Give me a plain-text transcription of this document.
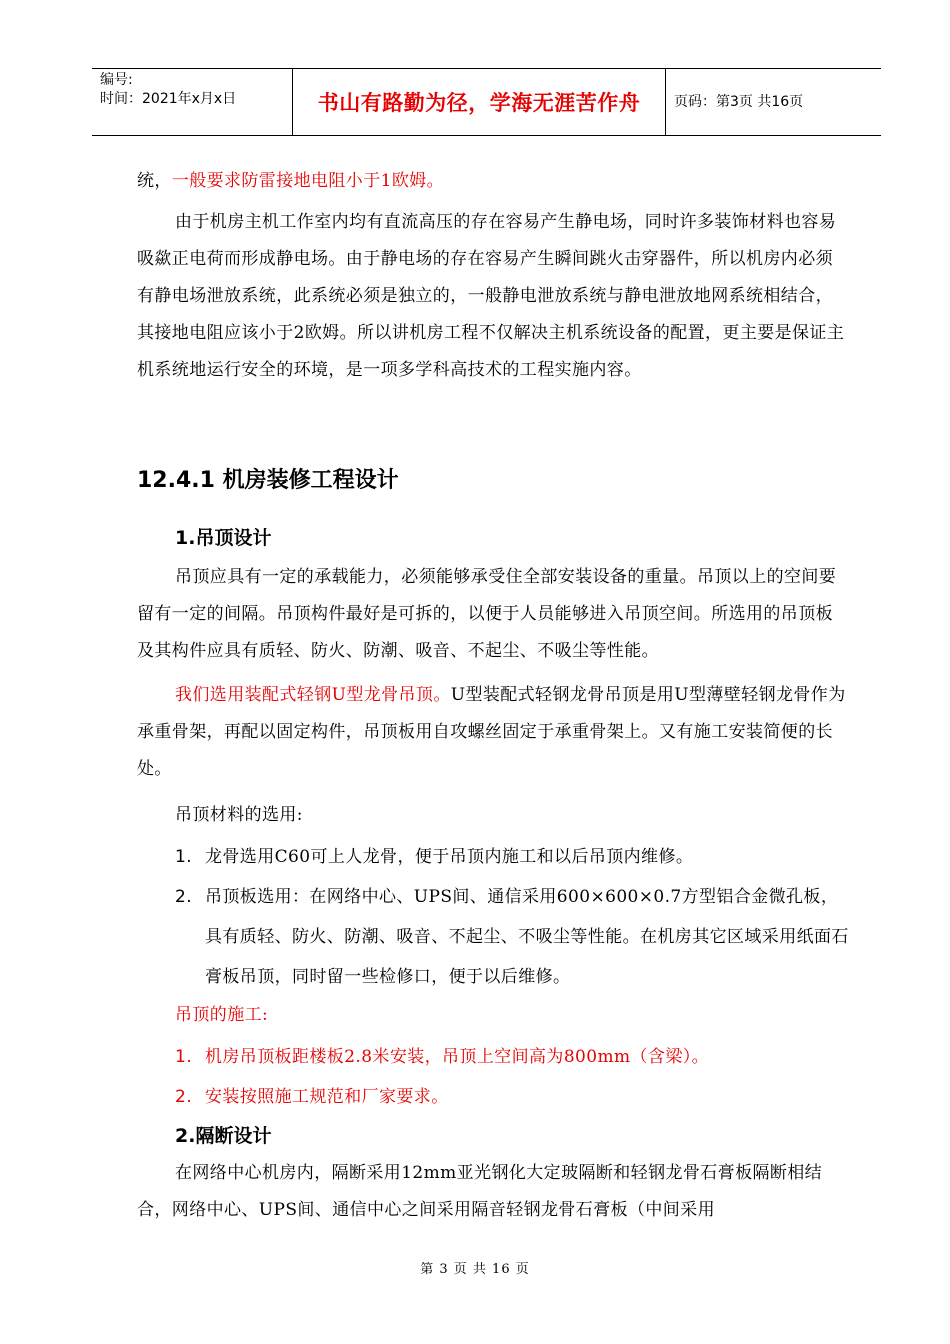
编号:
时间：2021年x月x日	书山有路勤为径，学海无涯苦作舟 页码：第3页 共16页

统，一般要求防雷接地电阻小于1欧姆。

由于机房主机工作室内均有直流高压的存在容易产生静电场，同时许多装饰材料也容易吸歘正电荷而形成静电场。由于静电场的存在容易产生瞬间跳火击穿器件，所以机房内必须有静电场泄放系统，此系统必须是独立的，一般静电泄放系统与静电泄放地网系统相结合，其接地电阻应该小于2欧姆。所以讲机房工程不仅解决主机系统设备的配置，更主要是保证主机系统地运行安全的环境，是一项多学科高技术的工程实施内容。

12.4.1 机房装修工程设计
1.吊顶设计

吊顶应具有一定的承载能力，必须能够承受住全部安装设备的重量。吊顶以上的空间要留有一定的间隔。吊顶构件最好是可拆的，以便于人员能够进入吊顶空间。所选用的吊顶板及其构件应具有质轻、防火、防潮、吸音、不起尘、不吸尘等性能。

我们选用装配式轻钢U型龙骨吊顶。U型装配式轻钢龙骨吊顶是用U型薄壁轻钢龙骨作为承重骨架，再配以固定构件，吊顶板用自攻螺丝固定于承重骨架上。又有施工安装简便的长处。

吊顶材料的选用:

1. 龙骨选用C60可上人龙骨，便于吊顶内施工和以后吊顶内维修。
2. 吊顶板选用：在网络中心、UPS间、通信采用600×600×0.7方型铝合金微孔板，具有质轻、防火、防潮、吸音、不起尘、不吸尘等性能。在机房其它区域采用纸面石膏板吊顶，同时留一些检修口，便于以后维修。

吊顶的施工:

1. 机房吊顶板距楼板2.8米安装，吊顶上空间高为800mm（含梁）。
2. 安装按照施工规范和厂家要求。
2.隔断设计

在网络中心机房内，隔断采用12mm亚光钢化大定玻隔断和轻钢龙骨石膏板隔断相结合，网络中心、UPS间、通信中心之间采用隔音轻钢龙骨石膏板（中间采用

第 3 页 共 16 页
